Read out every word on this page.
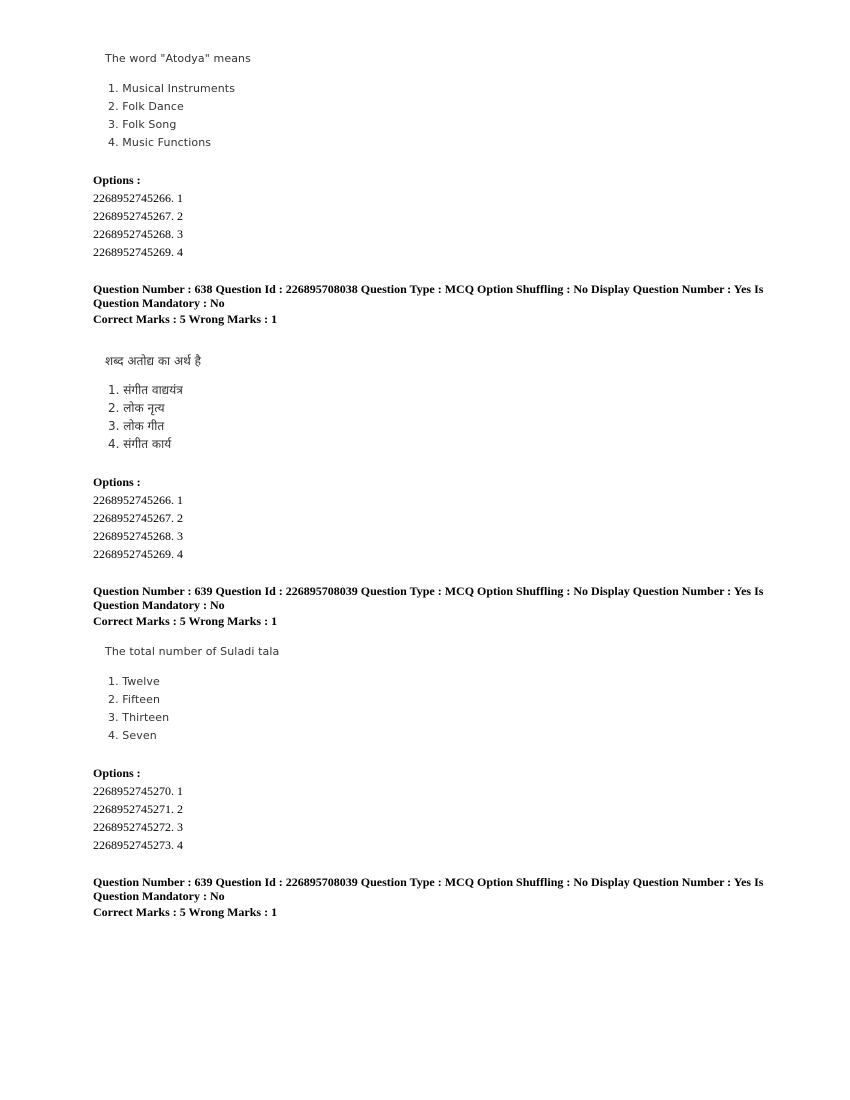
The word "Atodya" means
1. Musical Instruments
2. Folk Dance
3. Folk Song
4. Music Functions
Options :
2268952745266. 1
2268952745267. 2
2268952745268. 3
2268952745269. 4
Question Number : 638 Question Id : 226895708038 Question Type : MCQ Option Shuffling : No Display Question Number : Yes Is
Question Mandatory : No
Correct Marks : 5 Wrong Marks : 1
शब्द अतोद्य का अर्थ है
1. संगीत वाद्ययंत्र
2. लोक नृत्य
3. लोक गीत
4. संगीत कार्य
Options :
2268952745266. 1
2268952745267. 2
2268952745268. 3
2268952745269. 4
Question Number : 639 Question Id : 226895708039 Question Type : MCQ Option Shuffling : No Display Question Number : Yes Is
Question Mandatory : No
Correct Marks : 5 Wrong Marks : 1
The total number of Suladi tala
1. Twelve
2. Fifteen
3. Thirteen
4. Seven
Options :
2268952745270. 1
2268952745271. 2
2268952745272. 3
2268952745273. 4
Question Number : 639 Question Id : 226895708039 Question Type : MCQ Option Shuffling : No Display Question Number : Yes Is
Question Mandatory : No
Correct Marks : 5 Wrong Marks : 1
